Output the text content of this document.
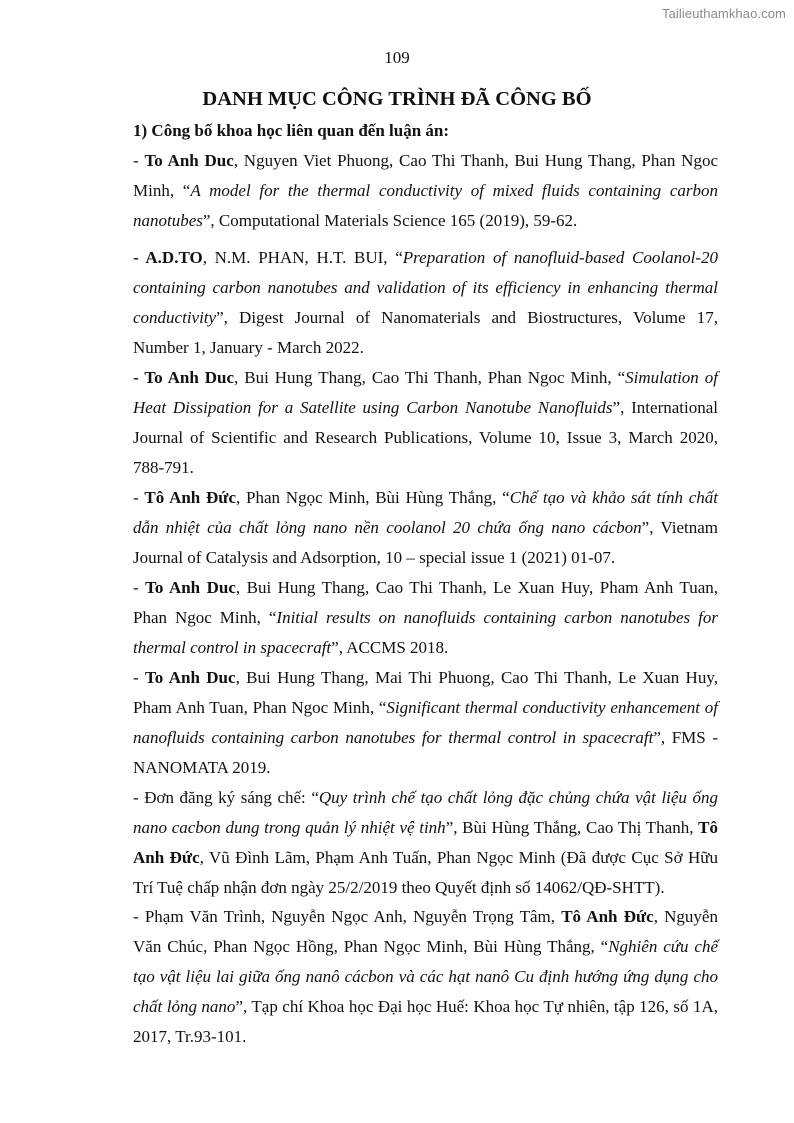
Tailieuthamkhao.com
109
DANH MỤC CÔNG TRÌNH ĐÃ CÔNG BỐ
1) Công bố khoa học liên quan đến luận án:

- To Anh Duc, Nguyen Viet Phuong, Cao Thi Thanh, Bui Hung Thang, Phan Ngoc Minh, “A model for the thermal conductivity of mixed fluids containing carbon nanotubes”, Computational Materials Science 165 (2019), 59-62.

- A.D.TO, N.M. PHAN, H.T. BUI, “Preparation of nanofluid-based Coolanol-20 containing carbon nanotubes and validation of its efficiency in enhancing thermal conductivity”, Digest Journal of Nanomaterials and Biostructures, Volume 17, Number 1, January - March 2022.

- To Anh Duc, Bui Hung Thang, Cao Thi Thanh, Phan Ngoc Minh, “Simulation of Heat Dissipation for a Satellite using Carbon Nanotube Nanofluids”, International Journal of Scientific and Research Publications, Volume 10, Issue 3, March 2020, 788-791.

- Tô Anh Đức, Phan Ngọc Minh, Bùi Hùng Thắng, “Chế tạo và khảo sát tính chất dẫn nhiệt của chất lỏng nano nền coolanol 20 chứa ống nano cácbon”, Vietnam Journal of Catalysis and Adsorption, 10 – special issue 1 (2021) 01-07.

- To Anh Duc, Bui Hung Thang, Cao Thi Thanh, Le Xuan Huy, Pham Anh Tuan, Phan Ngoc Minh, “Initial results on nanofluids containing carbon nanotubes for thermal control in spacecraft”, ACCMS 2018.

- To Anh Duc, Bui Hung Thang, Mai Thi Phuong, Cao Thi Thanh, Le Xuan Huy, Pham Anh Tuan, Phan Ngoc Minh, “Significant thermal conductivity enhancement of nanofluids containing carbon nanotubes for thermal control in spacecraft”, FMS - NANOMATA 2019.

- Đơn đăng ký sáng chế: “Quy trình chế tạo chất lỏng đặc chủng chứa vật liệu ống nano cacbon dung trong quản lý nhiệt vệ tinh”, Bùi Hùng Thắng, Cao Thị Thanh, Tô Anh Đức, Vũ Đình Lãm, Phạm Anh Tuấn, Phan Ngọc Minh (Đã được Cục Sở Hữu Trí Tuệ chấp nhận đơn ngày 25/2/2019 theo Quyết định số 14062/QĐ-SHTT).

- Phạm Văn Trình, Nguyễn Ngọc Anh, Nguyễn Trọng Tâm, Tô Anh Đức, Nguyễn Văn Chúc, Phan Ngọc Hồng, Phan Ngọc Minh, Bùi Hùng Thắng, “Nghiên cứu chế tạo vật liệu lai giữa ống nanô cácbon và các hạt nanô Cu định hướng ứng dụng cho chất lỏng nano”, Tạp chí Khoa học Đại học Huế: Khoa học Tự nhiên, tập 126, số 1A, 2017, Tr.93-101.
